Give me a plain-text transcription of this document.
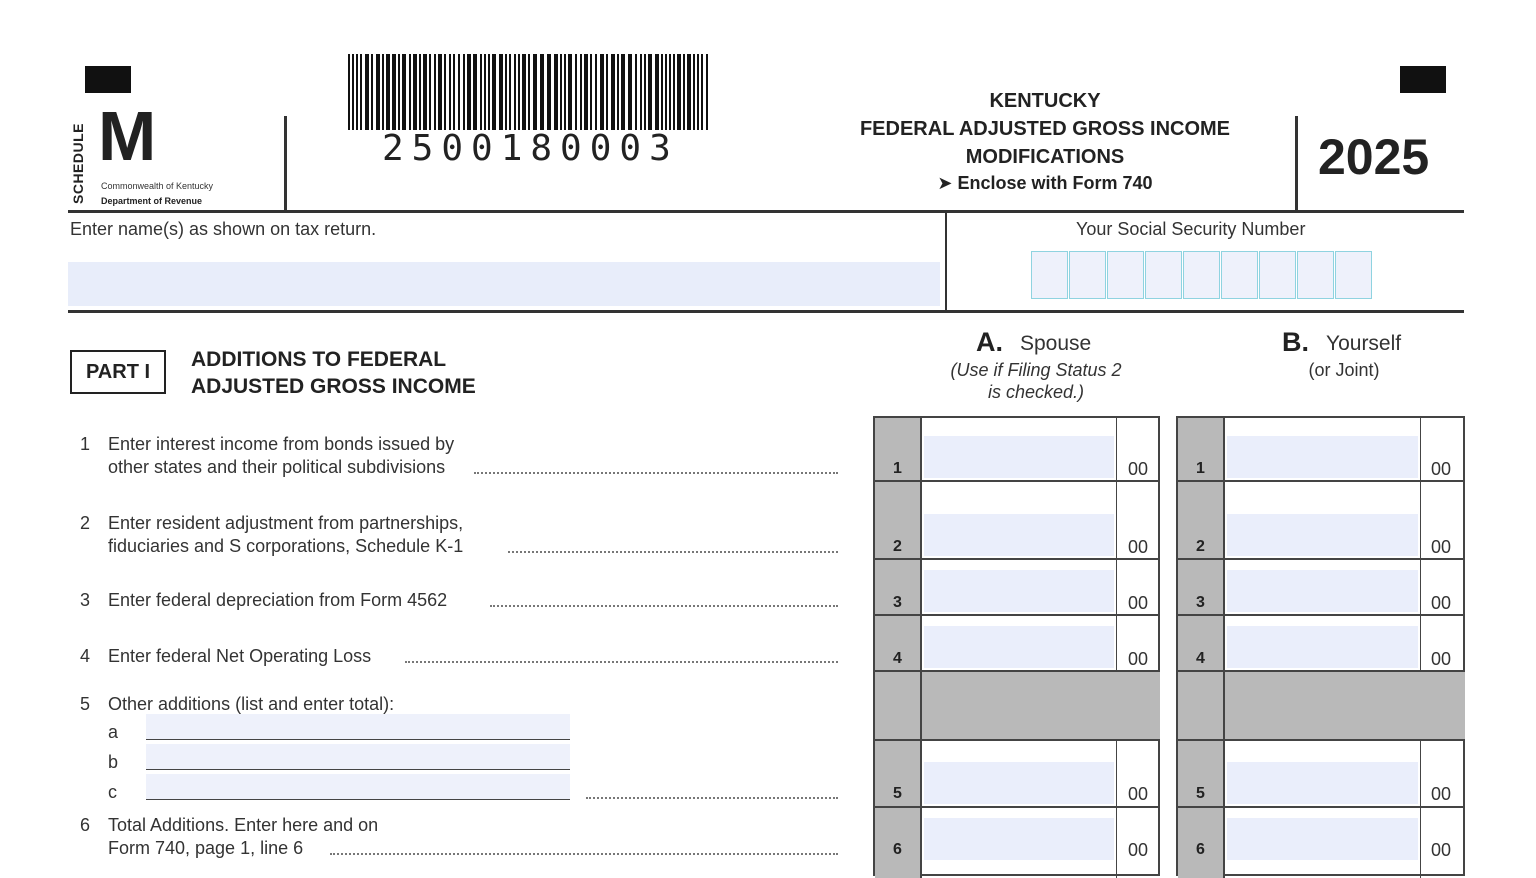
SCHEDULE M
Commonwealth of Kentucky
Department of Revenue
2500180003
KENTUCKY
FEDERAL ADJUSTED GROSS INCOME
MODIFICATIONS
➤ Enclose with Form 740	2025
Enter name(s) as shown on tax return.	Your Social Security Number
PART I
ADDITIONS TO FEDERAL
ADJUSTED GROSS INCOME
A. Spouse
(Use if Filing Status 2
is checked.)
B. Yourself
(or Joint)
1 Enter interest income from bonds issued by
other states and their political subdivisions
2 Enter resident adjustment from partnerships,
fiduciaries and S corporations, Schedule K-1
3 Enter federal depreciation from Form 4562
4 Enter federal Net Operating Loss
5 Other additions (list and enter total):
a
b
c
6 Total Additions. Enter here and on
Form 740, page 1, line 6
1
2
3
4
5
6
00
00
00
00
00
00
1
2
3
4
5
6
00
00
00
00
00
00
